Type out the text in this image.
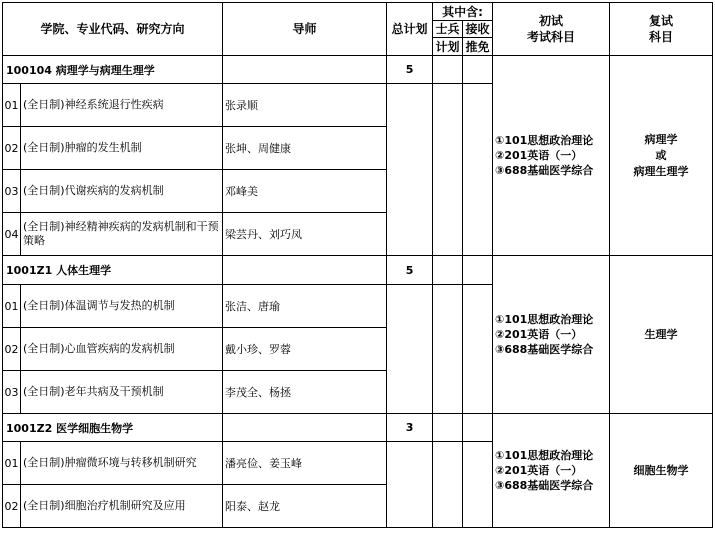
学院、专业代码、研究方向		导师	总计划	其中含:		初试
考试科目	复试
科目

				士兵	接收		
				计划	推免		
100104 病理学与病理生理学			5			①101思想政治理论
②201英语（一）
③688基础医学综合	病理学
或
病理生理学

01	(全日制)神经系统退行性疾病	张录顺					
02	(全日制)肿瘤的发生机制	张坤、周健康					
03	(全日制)代谢疾病的发病机制	邓峰美					
04	(全日制)神经精神疾病的发病机制和干预策略	梁芸丹、刘巧凤					
1001Z1 人体生理学			5			①101思想政治理论
②201英语（一）
③688基础医学综合	生理学

01	(全日制)体温调节与发热的机制	张洁、唐瑜					
02	(全日制)心血管疾病的发病机制	戴小珍、罗蓉					
03	(全日制)老年共病及干预机制	李茂全、杨拯					
1001Z2 医学细胞生物学			3			①101思想政治理论
②201英语（一）
③688基础医学综合	细胞生物学

01	(全日制)肿瘤微环境与转移机制研究	潘亮俭、姜玉峰					
02	(全日制)细胞治疗机制研究及应用	阳泰、赵龙					
